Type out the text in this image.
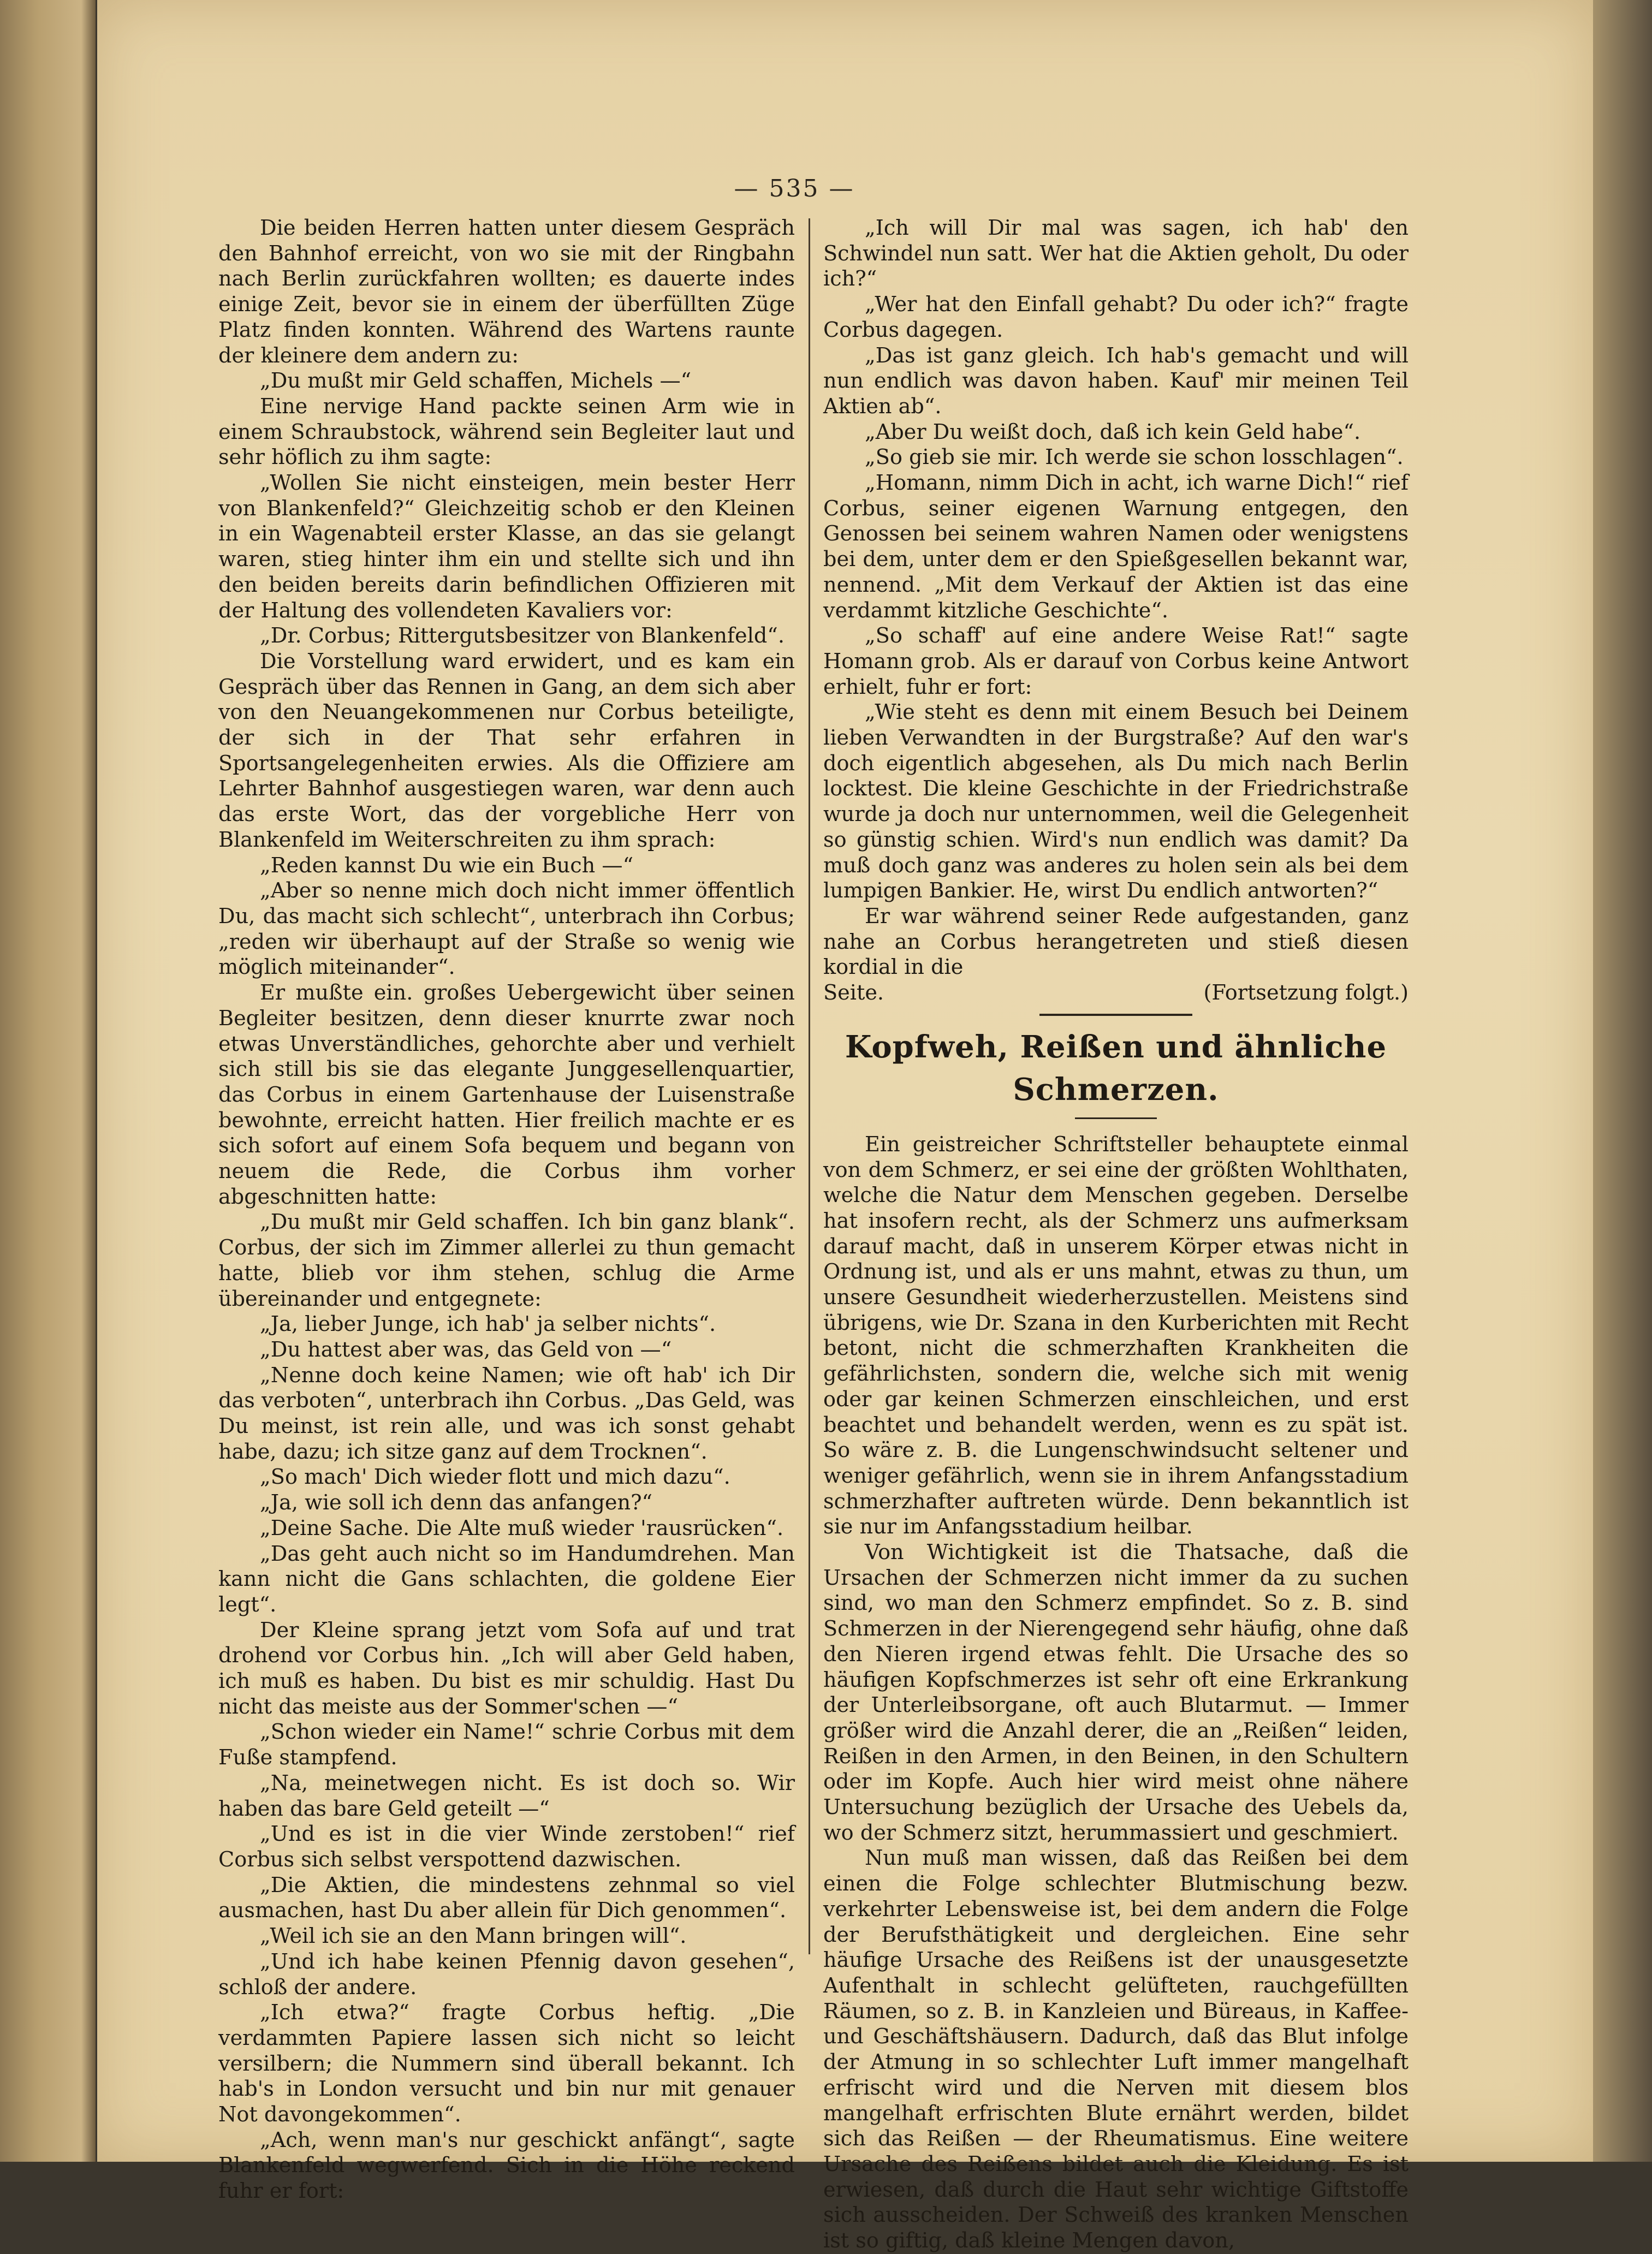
— 535 —

Die beiden Herren hatten unter diesem Gespräch den Bahnhof erreicht, von wo sie mit der Ringbahn nach Berlin zurückfahren wollten; es dauerte indes einige Zeit, bevor sie in einem der überfüllten Züge Platz finden konnten. Während des Wartens raunte der kleinere dem andern zu:

„Du mußt mir Geld schaffen, Michels —“

Eine nervige Hand packte seinen Arm wie in einem Schraubstock, während sein Begleiter laut und sehr höflich zu ihm sagte:

„Wollen Sie nicht einsteigen, mein bester Herr von Blankenfeld?“ Gleichzeitig schob er den Kleinen in ein Wagenabteil erster Klasse, an das sie gelangt waren, stieg hinter ihm ein und stellte sich und ihn den beiden bereits darin befindlichen Offizieren mit der Haltung des vollendeten Kavaliers vor:

„Dr. Corbus; Rittergutsbesitzer von Blankenfeld“.

Die Vorstellung ward erwidert, und es kam ein Gespräch über das Rennen in Gang, an dem sich aber von den Neuangekommenen nur Corbus beteiligte, der sich in der That sehr erfahren in Sportsangelegenheiten erwies. Als die Offiziere am Lehrter Bahnhof ausgestiegen waren, war denn auch das erste Wort, das der vorgebliche Herr von Blankenfeld im Weiterschreiten zu ihm sprach:

„Reden kannst Du wie ein Buch —“

„Aber so nenne mich doch nicht immer öffentlich Du, das macht sich schlecht“, unterbrach ihn Corbus; „reden wir überhaupt auf der Straße so wenig wie möglich miteinander“.

Er mußte ein. großes Uebergewicht über seinen Begleiter besitzen, denn dieser knurrte zwar noch etwas Unverständliches, gehorchte aber und verhielt sich still bis sie das elegante Junggesellenquartier, das Corbus in einem Gartenhause der Luisenstraße bewohnte, erreicht hatten. Hier freilich machte er es sich sofort auf einem Sofa bequem und begann von neuem die Rede, die Corbus ihm vorher abgeschnitten hatte:

„Du mußt mir Geld schaffen. Ich bin ganz blank“. Corbus, der sich im Zimmer allerlei zu thun gemacht hatte, blieb vor ihm stehen, schlug die Arme übereinander und entgegnete:

„Ja, lieber Junge, ich hab' ja selber nichts“.

„Du hattest aber was, das Geld von —“

„Nenne doch keine Namen; wie oft hab' ich Dir das verboten“, unterbrach ihn Corbus. „Das Geld, was Du meinst, ist rein alle, und was ich sonst gehabt habe, dazu; ich sitze ganz auf dem Trocknen“.

„So mach' Dich wieder flott und mich dazu“.

„Ja, wie soll ich denn das anfangen?“

„Deine Sache. Die Alte muß wieder 'rausrücken“.

„Das geht auch nicht so im Handumdrehen. Man kann nicht die Gans schlachten, die goldene Eier legt“.

Der Kleine sprang jetzt vom Sofa auf und trat drohend vor Corbus hin. „Ich will aber Geld haben, ich muß es haben. Du bist es mir schuldig. Hast Du nicht das meiste aus der Sommer'schen —“

„Schon wieder ein Name!“ schrie Corbus mit dem Fuße stampfend.

„Na, meinetwegen nicht. Es ist doch so. Wir haben das bare Geld geteilt —“

„Und es ist in die vier Winde zerstoben!“ rief Corbus sich selbst verspottend dazwischen.

„Die Aktien, die mindestens zehnmal so viel ausmachen, hast Du aber allein für Dich genommen“.

„Weil ich sie an den Mann bringen will“.

„Und ich habe keinen Pfennig davon gesehen“, schloß der andere.

„Ich etwa?“ fragte Corbus heftig. „Die verdammten Papiere lassen sich nicht so leicht versilbern; die Nummern sind überall bekannt. Ich hab's in London versucht und bin nur mit genauer Not davongekommen“.

„Ach, wenn man's nur geschickt anfängt“, sagte Blankenfeld wegwerfend. Sich in die Höhe reckend fuhr er fort:

„Ich will Dir mal was sagen, ich hab' den Schwindel nun satt. Wer hat die Aktien geholt, Du oder ich?“

„Wer hat den Einfall gehabt? Du oder ich?“ fragte Corbus dagegen.

„Das ist ganz gleich. Ich hab's gemacht und will nun endlich was davon haben. Kauf' mir meinen Teil Aktien ab“.

„Aber Du weißt doch, daß ich kein Geld habe“.

„So gieb sie mir. Ich werde sie schon losschlagen“.

„Homann, nimm Dich in acht, ich warne Dich!“ rief Corbus, seiner eigenen Warnung entgegen, den Genossen bei seinem wahren Namen oder wenigstens bei dem, unter dem er den Spießgesellen bekannt war, nennend. „Mit dem Verkauf der Aktien ist das eine verdammt kitzliche Geschichte“.

„So schaff' auf eine andere Weise Rat!“ sagte Homann grob. Als er darauf von Corbus keine Antwort erhielt, fuhr er fort:

„Wie steht es denn mit einem Besuch bei Deinem lieben Verwandten in der Burgstraße? Auf den war's doch eigentlich abgesehen, als Du mich nach Berlin locktest. Die kleine Geschichte in der Friedrichstraße wurde ja doch nur unternommen, weil die Gelegenheit so günstig schien. Wird's nun endlich was damit? Da muß doch ganz was anderes zu holen sein als bei dem lumpigen Bankier. He, wirst Du endlich antworten?“

Er war während seiner Rede aufgestanden, ganz nahe an Corbus herangetreten und stieß diesen kordial in die

Seite.	(Fortsetzung folgt.)
Kopfweh, Reißen und ähnliche Schmerzen.

Ein geistreicher Schriftsteller behauptete einmal von dem Schmerz, er sei eine der größten Wohlthaten, welche die Natur dem Menschen gegeben. Derselbe hat insofern recht, als der Schmerz uns aufmerksam darauf macht, daß in unserem Körper etwas nicht in Ordnung ist, und als er uns mahnt, etwas zu thun, um unsere Gesundheit wiederherzustellen. Meistens sind übrigens, wie Dr. Szana in den Kurberichten mit Recht betont, nicht die schmerzhaften Krankheiten die gefährlichsten, sondern die, welche sich mit wenig oder gar keinen Schmerzen einschleichen, und erst beachtet und behandelt werden, wenn es zu spät ist. So wäre z. B. die Lungenschwindsucht seltener und weniger gefährlich, wenn sie in ihrem Anfangsstadium schmerzhafter auftreten würde. Denn bekanntlich ist sie nur im Anfangsstadium heilbar.

Von Wichtigkeit ist die Thatsache, daß die Ursachen der Schmerzen nicht immer da zu suchen sind, wo man den Schmerz empfindet. So z. B. sind Schmerzen in der Nierengegend sehr häufig, ohne daß den Nieren irgend etwas fehlt. Die Ursache des so häufigen Kopfschmerzes ist sehr oft eine Erkrankung der Unterleibsorgane, oft auch Blutarmut. — Immer größer wird die Anzahl derer, die an „Reißen“ leiden, Reißen in den Armen, in den Beinen, in den Schultern oder im Kopfe. Auch hier wird meist ohne nähere Untersuchung bezüglich der Ursache des Uebels da, wo der Schmerz sitzt, herummassiert und geschmiert.

Nun muß man wissen, daß das Reißen bei dem einen die Folge schlechter Blutmischung bezw. verkehrter Lebensweise ist, bei dem andern die Folge der Berufsthätigkeit und dergleichen. Eine sehr häufige Ursache des Reißens ist der unausgesetzte Aufenthalt in schlecht gelüfteten, rauchgefüllten Räumen, so z. B. in Kanzleien und Büreaus, in Kaffee- und Geschäftshäusern. Dadurch, daß das Blut infolge der Atmung in so schlechter Luft immer mangelhaft erfrischt wird und die Nerven mit diesem blos mangelhaft erfrischten Blute ernährt werden, bildet sich das Reißen — der Rheumatismus. Eine weitere Ursache des Reißens bildet auch die Kleidung. Es ist erwiesen, daß durch die Haut sehr wichtige Giftstoffe sich ausscheiden. Der Schweiß des kranken Menschen ist so giftig, daß kleine Mengen davon,
